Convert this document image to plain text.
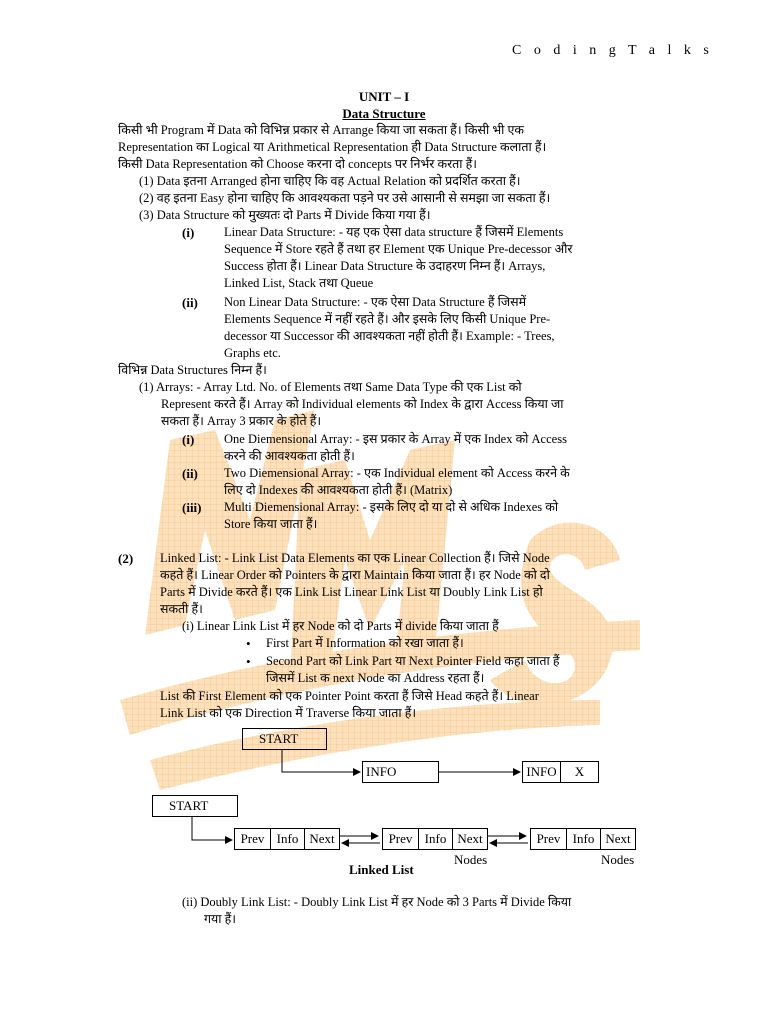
C o d i n g T a l k s
UNIT – I
Data Structure
किसी भी Program में Data को विभिन्न प्रकार से Arrange किया जा सकता हैं। किसी भी एक
Representation का Logical या Arithmetical Representation ही Data Structure कलाता हैं।
किसी Data Representation को Choose करना दो concepts पर निर्भर करता हैं।
(1) Data इतना Arranged होना चाहिए कि वह Actual Relation को प्रदर्शित करता हैं।
(2) वह इतना Easy होना चाहिए कि आवश्यकता पड़ने पर उसे आसानी से समझा जा सकता हैं।
(3) Data Structure को मुख्यतः दो Parts में Divide किया गया हैं।
(i) Linear Data Structure: - यह एक ऐसा data structure हैं जिसमें Elements
Sequence में Store रहते हैं तथा हर Element एक Unique Pre-decessor और
Success होता हैं। Linear Data Structure के उदाहरण निम्न हैं। Arrays,
Linked List, Stack तथा Queue
(ii) Non Linear Data Structure: - एक ऐसा Data Structure हैं जिसमें
Elements Sequence में नहीं रहते हैं। और इसके लिए किसी Unique Pre-
decessor या Successor की आवश्यकता नहीं होती हैं। Example: - Trees,
Graphs etc.
विभिन्न Data Structures निम्न हैं।
(1) Arrays: - Array Ltd. No. of Elements तथा Same Data Type की एक List को
Represent करते हैं। Array को Individual elements को Index के द्वारा Access किया जा
सकता हैं। Array 3 प्रकार के होते हैं।
(i) One Diemensional Array: - इस प्रकार के Array में एक Index को Access
करने की आवश्यकता होती हैं।
(ii) Two Diemensional Array: - एक Individual element को Access करने के
लिए दो Indexes की आवश्यकता होती हैं। (Matrix)
(iii) Multi Diemensional Array: - इसके लिए दो या दो से अधिक Indexes को
Store किया जाता हैं।
(2) Linked List: - Link List Data Elements का एक Linear Collection हैं। जिसे Node
कहते हैं। Linear Order को Pointers के द्वारा Maintain किया जाता हैं। हर Node को दो
Parts में Divide करते हैं। एक Link List Linear Link List या Doubly Link List हो
सकती हैं।
(i) Linear Link List में हर Node को दो Parts में divide किया जाता हैं
• First Part में Information को रखा जाता हैं।
• Second Part को Link Part या Next Pointer Field कहा जाता हैं
जिसमें List क next Node का Address रहता हैं।
List की First Element को एक Pointer Point करता हैं जिसे Head कहते हैं। Linear
Link List को एक Direction में Traverse किया जाता हैं।
START
INFO	INFO	X
START
Prev Info Next	Prev Info Next	Prev Info Next
Nodes	Nodes
Linked List
(ii) Doubly Link List: - Doubly Link List में हर Node को 3 Parts में Divide किया
गया हैं।
